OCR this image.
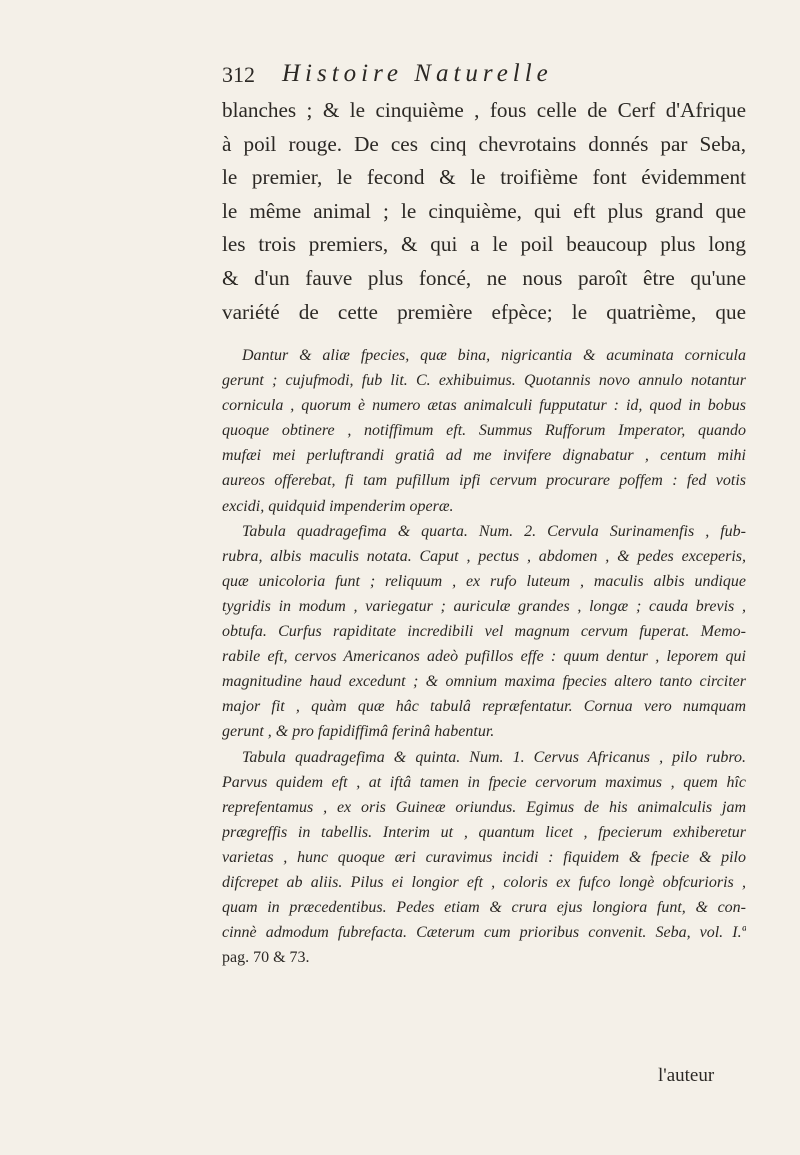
312 Histoire Naturelle
blanches ; & le cinquième , fous celle de Cerf d'Afrique
à poil rouge. De ces cinq chevrotains donnés par Seba,
le premier, le fecond & le troifième font évidemment
le même animal ; le cinquième, qui eft plus grand que
les trois premiers, & qui a le poil beaucoup plus long
& d'un fauve plus foncé, ne nous paroît être qu'une
variété de cette première efpèce; le quatrième, que
Dantur & aliæ fpecies, quæ bina, nigricantia & acuminata cornicula
gerunt ; cujufmodi, fub lit. C. exhibuimus. Quotannis novo annulo notantur
cornicula , quorum è numero ætas animalculi fupputatur : id, quod in bobus
quoque obtinere , notiffimum eft. Summus Rufforum Imperator, quando
mufæi mei perluftrandi gratiâ ad me invifere dignabatur , centum mihi
aureos offerebat, fi tam pufillum ipfi cervum procurare poffem : fed votis
excidi, quidquid impenderim operæ.
Tabula quadragefima & quarta. Num. 2. Cervula Surinamenfis , fub-
rubra, albis maculis notata. Caput , pectus , abdomen , & pedes exceperis,
quæ unicoloria funt ; reliquum , ex rufo luteum , maculis albis undique
tygridis in modum , variegatur ; auriculæ grandes , longæ ; cauda brevis ,
obtufa. Curfus rapiditate incredibili vel magnum cervum fuperat. Memo-
rabile eft, cervos Americanos adeò pufillos effe : quum dentur , leporem qui
magnitudine haud excedunt ; & omnium maxima fpecies altero tanto circiter
major fit , quàm quæ hâc tabulâ repræfentatur. Cornua vero numquam
gerunt , & pro fapidiffimâ ferinâ habentur.
Tabula quadragefima & quinta. Num. 1. Cervus Africanus , pilo rubro.
Parvus quidem eft , at iftâ tamen in fpecie cervorum maximus , quem hîc
reprefentamus , ex oris Guineæ oriundus. Egimus de his animalculis jam
prægreffis in tabellis. Interim ut , quantum licet , fpecierum exhiberetur
varietas , hunc quoque æri curavimus incidi : fiquidem & fpecie & pilo
difcrepet ab aliis. Pilus ei longior eft , coloris ex fufco longè obfcurioris ,
quam in præcedentibus. Pedes etiam & crura ejus longiora funt, & con-
cinnè admodum fubrefacta. Cæterum cum prioribus convenit. Seba, vol. I.ª
pag. 70 & 73.
l'auteur
